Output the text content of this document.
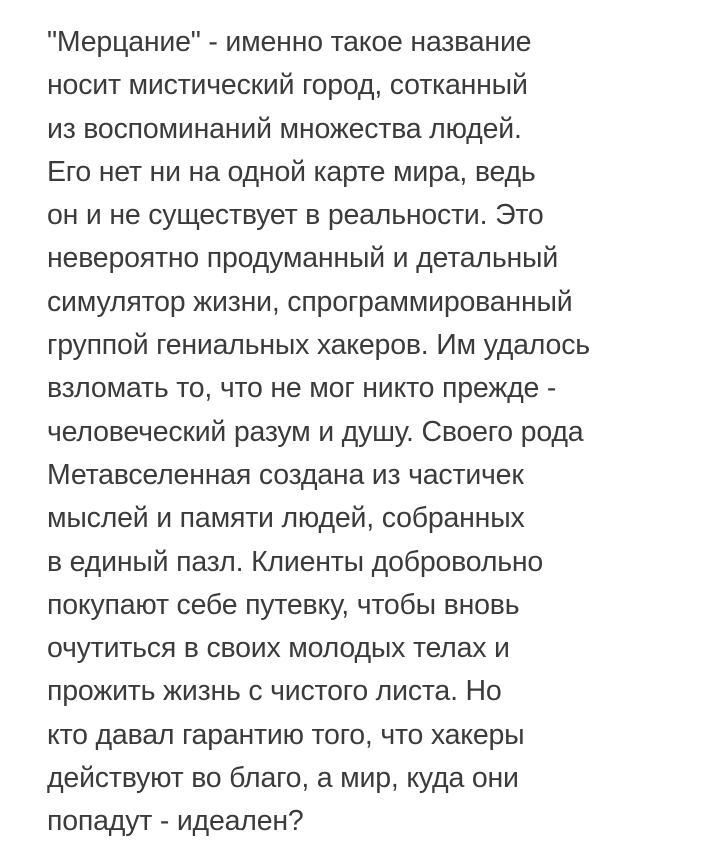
"Мерцание" - именно такое название
носит мистический город, сотканный
из воспоминаний множества людей.
Его нет ни на одной карте мира, ведь
он и не существует в реальности. Это
невероятно продуманный и детальный
симулятор жизни, спрограммированный
группой гениальных хакеров. Им удалось
взломать то, что не мог никто прежде -
человеческий разум и душу. Своего рода
Метавселенная создана из частичек
мыслей и памяти людей, собранных
в единый пазл. Клиенты добровольно
покупают себе путевку, чтобы вновь
очутиться в своих молодых телах и
прожить жизнь с чистого листа. Но
кто давал гарантию того, что хакеры
действуют во благо, а мир, куда они
попадут - идеален?
